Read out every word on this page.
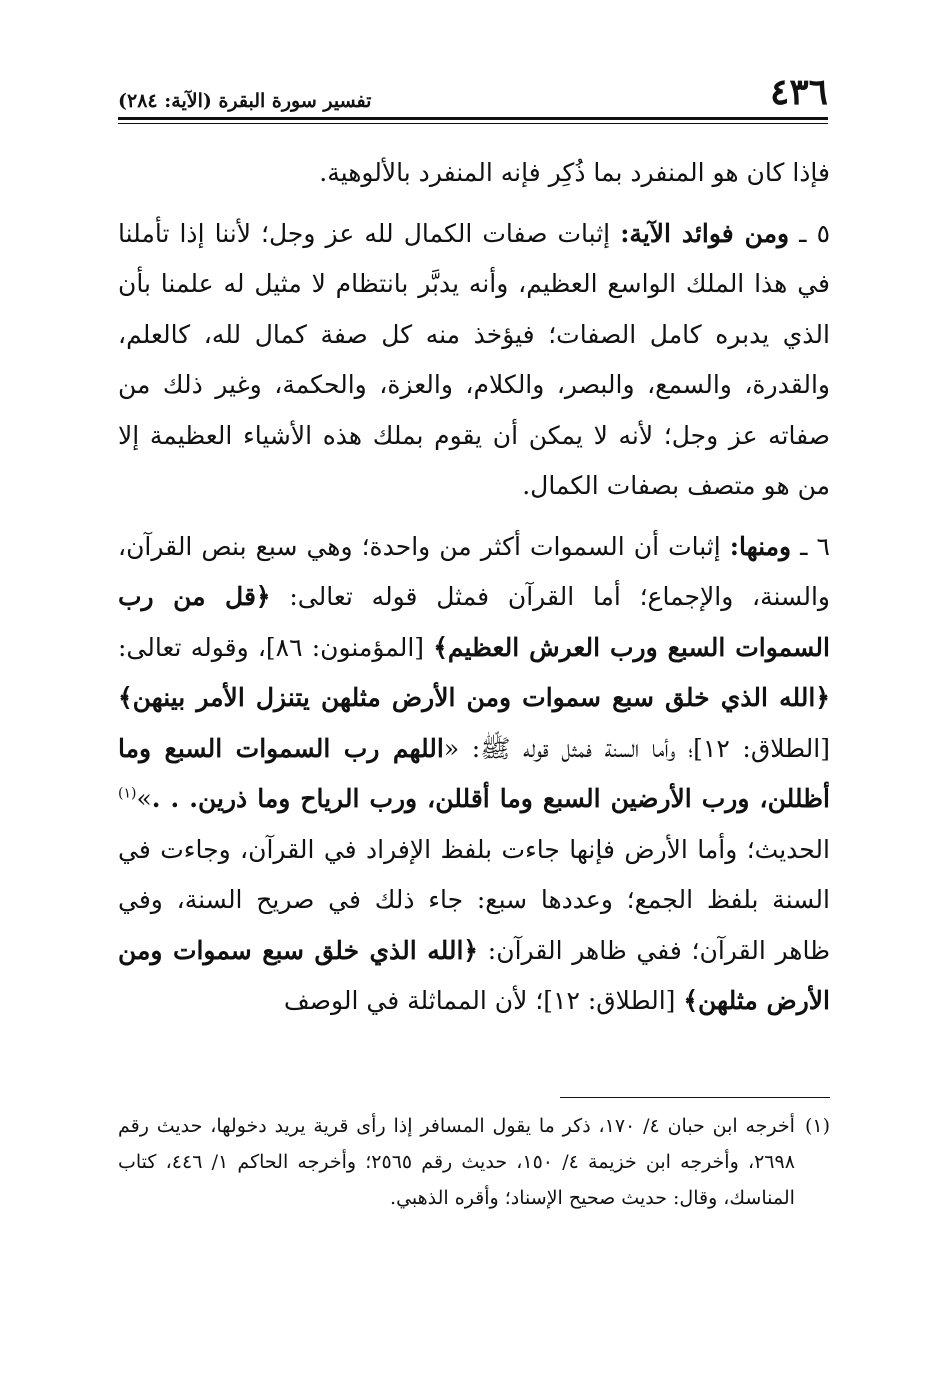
٤٣٦
تفسير سورة البقرة (الآية: ٢٨٤)

فإذا كان هو المنفرد بما ذُكِر فإنه المنفرد بالألوهية.

٥ ـ ومن فوائد الآية: إثبات صفات الكمال لله عز وجل؛ لأننا إذا تأملنا في هذا الملك الواسع العظيم، وأنه يدبَّر بانتظام لا مثيل له علمنا بأن الذي يدبره كامل الصفات؛ فيؤخذ منه كل صفة كمال لله، كالعلم، والقدرة، والسمع، والبصر، والكلام، والعزة، والحكمة، وغير ذلك من صفاته عز وجل؛ لأنه لا يمكن أن يقوم بملك هذه الأشياء العظيمة إلا من هو متصف بصفات الكمال.

٦ ـ ومنها: إثبات أن السموات أكثر من واحدة؛ وهي سبع بنص القرآن، والسنة، والإجماع؛ أما القرآن فمثل قوله تعالى: ﴿قل من رب السموات السبع ورب العرش العظيم﴾ [المؤمنون: ٨٦]، وقوله تعالى: ﴿الله الذي خلق سبع سموات ومن الأرض مثلهن يتنزل الأمر بينهن﴾ [الطلاق: ١٢]؛ وأما السنة فمثل قوله ﷺ: «اللهم رب السموات السبع وما أظللن، ورب الأرضين السبع وما أقللن، ورب الرياح وما ذرين. . .»$^{(١)}$ الحديث؛ وأما الأرض فإنها جاءت بلفظ الإفراد في القرآن، وجاءت في السنة بلفظ الجمع؛ وعددها سبع: جاء ذلك في صريح السنة، وفي ظاهر القرآن؛ ففي ظاهر القرآن: ﴿الله الذي خلق سبع سموات ومن الأرض مثلهن﴾ [الطلاق: ١٢]؛ لأن المماثلة في الوصف

(١)
أخرجه ابن حبان ٤/ ١٧٠، ذكر ما يقول المسافر إذا رأى قرية يريد دخولها، حديث رقم ٢٦٩٨، وأخرجه ابن خزيمة ٤/ ١٥٠، حديث رقم ٢٥٦٥؛ وأخرجه الحاكم ١/ ٤٤٦، كتاب المناسك، وقال: حديث صحيح الإسناد؛ وأقره الذهبي.
